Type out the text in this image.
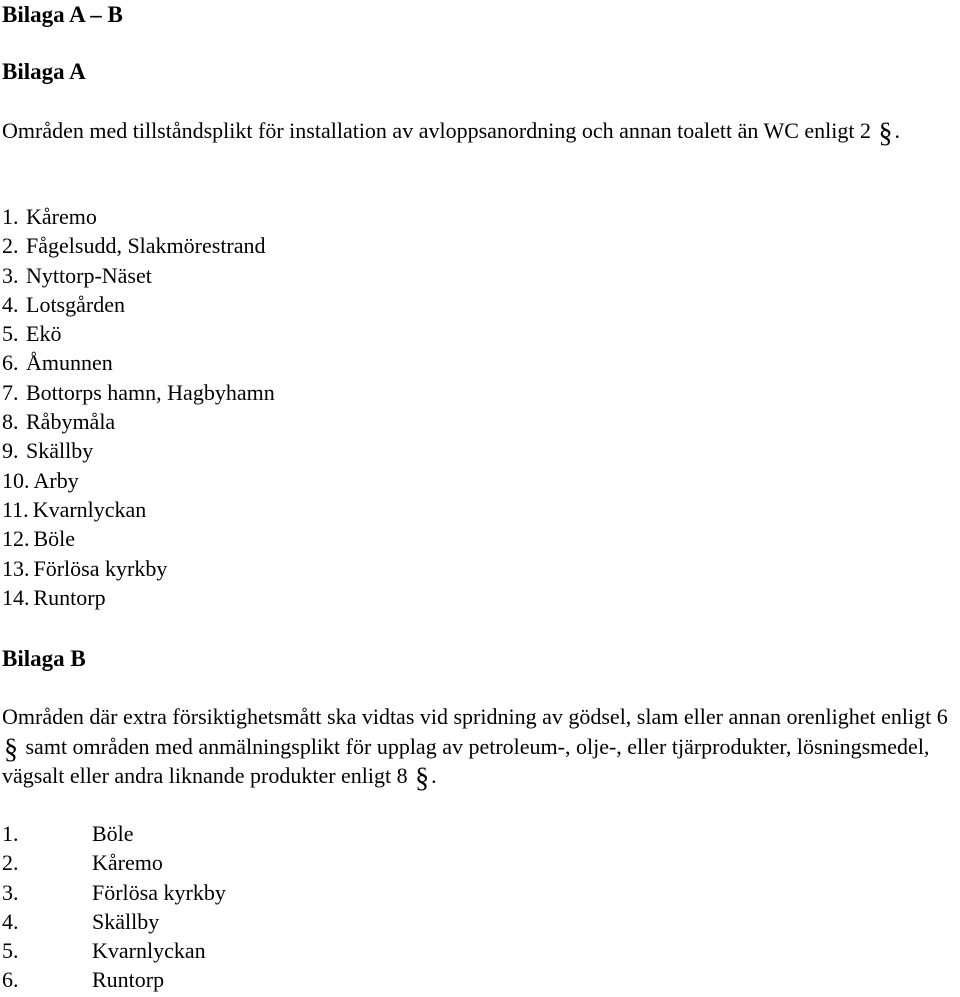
Bilaga A – B
Bilaga A

Områden med tillståndsplikt för installation av avloppsanordning och annan toalett än WC enligt 2 §.

1. Kåremo
2. Fågelsudd, Slakmörestrand
3. Nyttorp-Näset
4. Lotsgården
5. Ekö
6. Åmunnen
7. Bottorps hamn, Hagbyhamn
8. Råbymåla
9. Skällby
10. Arby
11. Kvarnlyckan
12. Böle
13. Förlösa kyrkby
14. Runtorp
Bilaga B

Områden där extra försiktighetsmått ska vidtas vid spridning av gödsel, slam eller annan orenlighet enligt 6 § samt områden med anmälningsplikt för upplag av petroleum-, olje-, eller tjärprodukter, lösningsmedel, vägsalt eller andra liknande produkter enligt 8 §.

1.	Böle
2.	Kåremo
3.	Förlösa kyrkby
4.	Skällby
5.	Kvarnlyckan
6.	Runtorp
